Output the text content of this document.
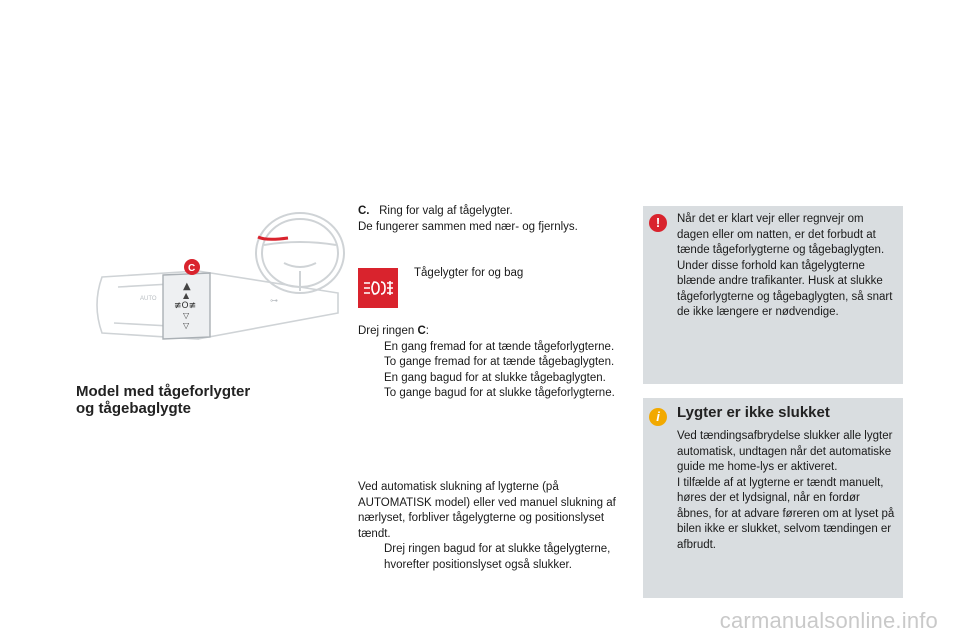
▲
▲
≢O≢
▽
▽
AUTO	⊶
C
Model med tågeforlygter
og tågebaglygte
C. Ring for valg af tågelygter.
De fungerer sammen med nær- og fjernlys.
Tågelygter for og bag
Drej ringen C:
En gang fremad for at tænde tågeforlygterne.
To gange fremad for at tænde tågebaglygten.
En gang bagud for at slukke tågebaglygten.
To gange bagud for at slukke tågeforlygterne.
Ved automatisk slukning af lygterne (på AUTOMATISK model) eller ved manuel slukning af nærlyset, forbliver tågelygterne og positionslyset tændt.
Drej ringen bagud for at slukke tågelygterne, hvorefter positionslyset også slukker.
!	Når det er klart vejr eller regnvejr om dagen eller om natten, er det forbudt at tænde tågeforlygterne og tågebaglygten. Under disse forhold kan tågelygterne blænde andre trafikanter. Husk at slukke tågeforlygterne og tågebaglygten, så snart de ikke længere er nødvendige.
i	Lygter er ikke slukket
Ved tændingsafbrydelse slukker alle lygter automatisk, undtagen når det automatiske guide me home-lys er aktiveret.
I tilfælde af at lygterne er tændt manuelt, høres der et lydsignal, når en fordør åbnes, for at advare føreren om at lyset på bilen ikke er slukket, selvom tændingen er afbrudt.
carmanualsonline.info
